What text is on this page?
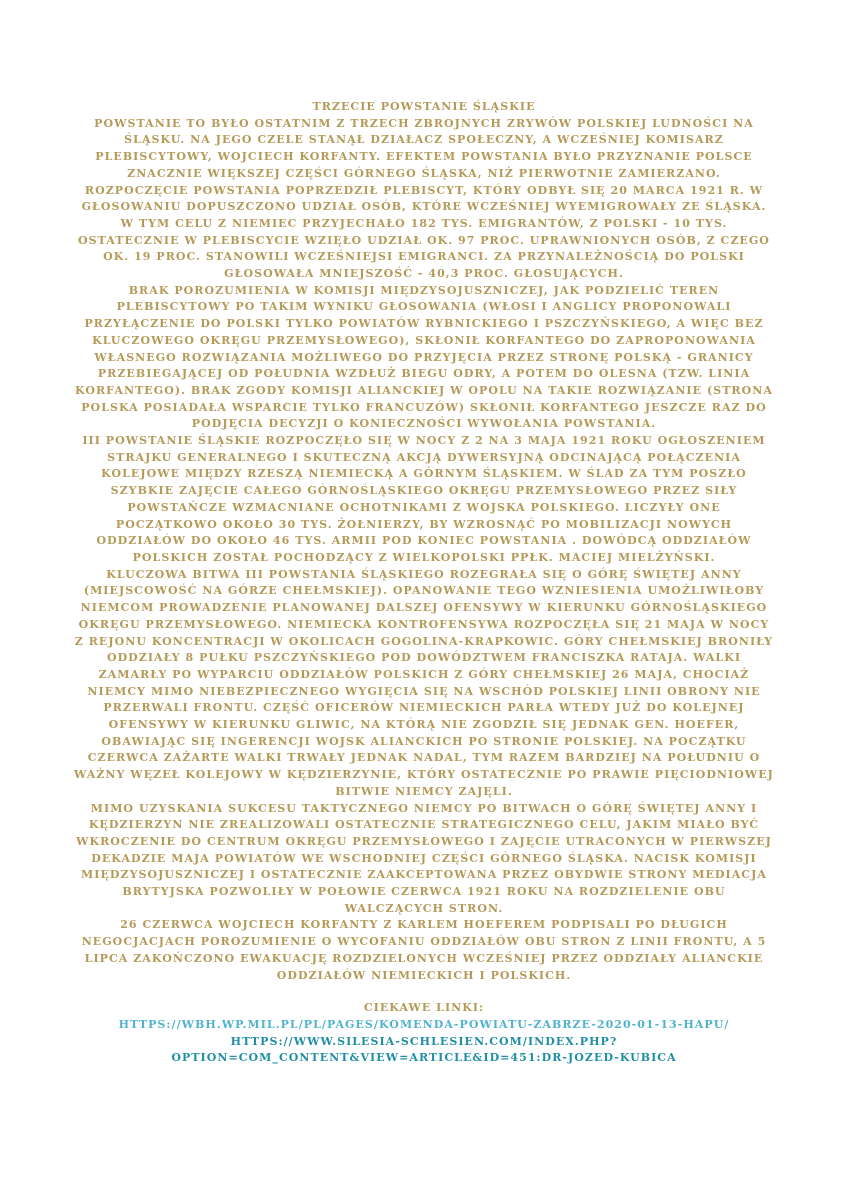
TRZECIE POWSTANIE ŚLĄSKIE

POWSTANIE TO BYŁO OSTATNIM Z TRZECH ZBROJNYCH ZRYWÓW POLSKIEJ LUDNOŚCI NA ŚLĄSKU. NA JEGO CZELE STANĄŁ DZIAŁACZ SPOŁECZNY, A WCZEŚNIEJ KOMISARZ PLEBISCYTOWY, WOJCIECH KORFANTY. EFEKTEM POWSTANIA BYŁO PRZYZNANIE POLSCE ZNACZNIE WIĘKSZEJ CZĘŚCI GÓRNEGO ŚLĄSKA, NIŻ PIERWOTNIE ZAMIERZANO.

ROZPOCZĘCIE POWSTANIA POPRZEDZIŁ PLEBISCYT, KTÓRY ODBYŁ SIĘ 20 MARCA 1921 R. W GŁOSOWANIU DOPUSZCZONO UDZIAŁ OSÓB, KTÓRE WCZEŚNIEJ WYEMIGROWAŁY ZE ŚLĄSKA. W TYM CELU Z NIEMIEC PRZYJECHAŁO 182 TYS. EMIGRANTÓW, Z POLSKI - 10 TYS. OSTATECZNIE W PLEBISCYCIE WZIĘŁO UDZIAŁ OK. 97 PROC. UPRAWNIONYCH OSÓB, Z CZEGO OK. 19 PROC. STANOWILI WCZEŚNIEJSI EMIGRANCI. ZA PRZYNALEŻNOŚCIĄ DO POLSKI GŁOSOWAŁA MNIEJSZOŚĆ - 40,3 PROC. GŁOSUJĄCYCH.

BRAK POROZUMIENIA W KOMISJI MIĘDZYSOJUSZNICZEJ, JAK PODZIELIĆ TEREN PLEBISCYTOWY PO TAKIM WYNIKU GŁOSOWANIA (WŁOSI I ANGLICY PROPONOWALI PRZYŁĄCZENIE DO POLSKI TYLKO POWIATÓW RYBNICKIEGO I PSZCZYŃSKIEGO, A WIĘC BEZ KLUCZOWEGO OKRĘGU PRZEMYSŁOWEGO), SKŁONIŁ KORFANTEGO DO ZAPROPONOWANIA WŁASNEGO ROZWIĄZANIA MOŻLIWEGO DO PRZYJĘCIA PRZEZ STRONĘ POLSKĄ - GRANICY PRZEBIEGAJĄCEJ OD POŁUDNIA WZDŁUŻ BIEGU ODRY, A POTEM DO OLESNA (TZW. LINIA KORFANTEGO). BRAK ZGODY KOMISJI ALIANCKIEJ W OPOLU NA TAKIE ROZWIĄZANIE (STRONA POLSKA POSIADAŁA WSPARCIE TYLKO FRANCUZÓW) SKŁONIŁ KORFANTEGO JESZCZE RAZ DO PODJĘCIA DECYZJI O KONIECZNOŚCI WYWOŁANIA POWSTANIA.

III POWSTANIE ŚLĄSKIE ROZPOCZĘŁO SIĘ W NOCY Z 2 NA 3 MAJA 1921 ROKU OGŁOSZENIEM STRAJKU GENERALNEGO I SKUTECZNĄ AKCJĄ DYWERSYJNĄ ODCINAJĄCĄ POŁĄCZENIA KOLEJOWE MIĘDZY RZESZĄ NIEMIECKĄ A GÓRNYM ŚLĄSKIEM. W ŚLAD ZA TYM POSZŁO SZYBKIE ZAJĘCIE CAŁEGO GÓRNOŚLĄSKIEGO OKRĘGU PRZEMYSŁOWEGO PRZEZ SIŁY POWSTAŃCZE WZMACNIANE OCHOTNIKAMI Z WOJSKA POLSKIEGO. LICZYŁY ONE POCZĄTKOWO OKOŁO 30 TYS. ŻOŁNIERZY, BY WZROSNĄĆ PO MOBILIZACJI NOWYCH ODDZIAŁÓW DO OKOŁO 46 TYS. ARMII POD KONIEC POWSTANIA . DOWÓDCĄ ODDZIAŁÓW POLSKICH ZOSTAŁ POCHODZĄCY Z WIELKOPOLSKI PPŁK. MACIEJ MIELŻYŃSKI.

KLUCZOWA BITWA III POWSTANIA ŚLĄSKIEGO ROZEGRAŁA SIĘ O GÓRĘ ŚWIĘTEJ ANNY (MIEJSCOWOŚĆ NA GÓRZE CHEŁMSKIEJ). OPANOWANIE TEGO WZNIESIENIA UMOŻLIWIŁOBY NIEMCOM PROWADZENIE PLANOWANEJ DALSZEJ OFENSYWY W KIERUNKU GÓRNOŚLĄSKIEGO OKRĘGU PRZEMYSŁOWEGO. NIEMIECKA KONTROFENSYWA ROZPOCZĘŁA SIĘ 21 MAJA W NOCY Z REJONU KONCENTRACJI W OKOLICACH GOGOLINA-KRAPKOWIC. GÓRY CHEŁMSKIEJ BRONIŁY ODDZIAŁY 8 PUŁKU PSZCZYŃSKIEGO POD DOWÓDZTWEM FRANCISZKA RATAJA. WALKI ZAMARŁY PO WYPARCIU ODDZIAŁÓW POLSKICH Z GÓRY CHEŁMSKIEJ 26 MAJA, CHOCIAŻ NIEMCY MIMO NIEBEZPIECZNEGO WYGIĘCIA SIĘ NA WSCHÓD POLSKIEJ LINII OBRONY NIE PRZERWALI FRONTU. CZĘŚĆ OFICERÓW NIEMIECKICH PARŁA WTEDY JUŻ DO KOLEJNEJ OFENSYWY W KIERUNKU GLIWIC, NA KTÓRĄ NIE ZGODZIŁ SIĘ JEDNAK GEN. HOEFER, OBAWIAJĄC SIĘ INGERENCJI WOJSK ALIANCKICH PO STRONIE POLSKIEJ. NA POCZĄTKU CZERWCA ZAŻARTE WALKI TRWAŁY JEDNAK NADAL, TYM RAZEM BARDZIEJ NA POŁUDNIU O WAŻNY WĘZEŁ KOLEJOWY W KĘDZIERZYNIE, KTÓRY OSTATECZNIE PO PRAWIE PIĘCIODNIOWEJ BITWIE NIEMCY ZAJĘLI.

MIMO UZYSKANIA SUKCESU TAKTYCZNEGO NIEMCY PO BITWACH O GÓRĘ ŚWIĘTEJ ANNY I KĘDZIERZYN NIE ZREALIZOWALI OSTATECZNIE STRATEGICZNEGO CELU, JAKIM MIAŁO BYĆ WKROCZENIE DO CENTRUM OKRĘGU PRZEMYSŁOWEGO I ZAJĘCIE UTRACONYCH W PIERWSZEJ DEKADZIE MAJA POWIATÓW WE WSCHODNIEJ CZĘŚCI GÓRNEGO ŚLĄSKA. NACISK KOMISJI MIĘDZYSOJUSZNICZEJ I OSTATECZNIE ZAAKCEPTOWANA PRZEZ OBYDWIE STRONY MEDIACJA BRYTYJSKA POZWOLIŁY W POŁOWIE CZERWCA 1921 ROKU NA ROZDZIELENIE OBU WALCZĄCYCH STRON.

26 CZERWCA WOJCIECH KORFANTY Z KARLEM HOEFEREM PODPISALI PO DŁUGICH NEGOCJACJACH POROZUMIENIE O WYCOFANIU ODDZIAŁÓW OBU STRON Z LINII FRONTU, A 5 LIPCA ZAKOŃCZONO EWAKUACJĘ ROZDZIELONYCH WCZEŚNIEJ PRZEZ ODDZIAŁY ALIANCKIE ODDZIAŁÓW NIEMIECKICH I POLSKICH.

CIEKAWE LINKI:

HTTPS://WBH.WP.MIL.PL/PL/PAGES/KOMENDA-POWIATU-ZABRZE-2020-01-13-HAPU/
HTTPS://WWW.SILESIA-SCHLESIEN.COM/INDEX.PHP?OPTION=COM_CONTENT&VIEW=ARTICLE&ID=451:DR-JOZED-KUBICA
